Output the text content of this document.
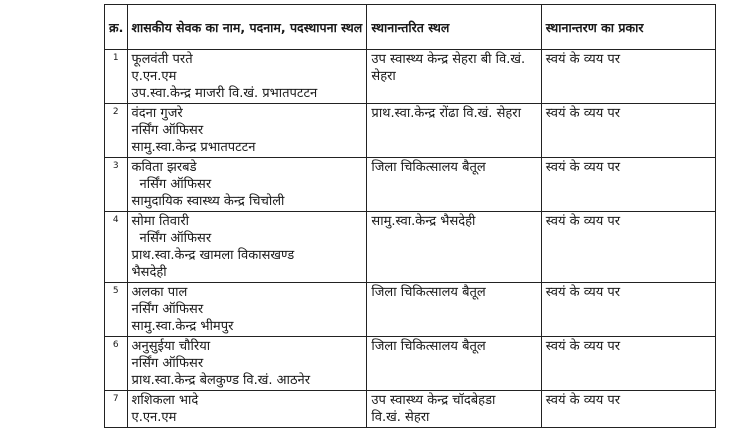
क्र.	शासकीय सेवक का नाम, पदनाम, पदस्थापना स्थल	स्थानान्तरित स्थल	स्थानान्तरण का प्रकार
1	फूलवंती परते
ए.एन.एम
उप.स्वा.केन्द्र माजरी वि.खं. प्रभातपटटन	उप स्वास्थ्य केन्द्र सेहरा बी वि.खं.
सेहरा	स्वयं के व्यय पर
2	वंदना गुजरे
नर्सिंग ऑफिसर
सामु.स्वा.केन्द्र प्रभातपटटन	प्राथ.स्वा.केन्द्र रोंढा वि.खं. सेहरा	स्वयं के व्यय पर
3	कविता झरबडे
नर्सिंग ऑफिसर
सामुदायिक स्वास्थ्य केन्द्र चिचोली	जिला चिकित्सालय बैतूल	स्वयं के व्यय पर
4	सोमा तिवारी
नर्सिंग ऑफिसर
प्राथ.स्वा.केन्द्र खामला विकासखण्ड
भैसदेही	सामु.स्वा.केन्द्र भैसदेही	स्वयं के व्यय पर
5	अलका पाल
नर्सिंग ऑफिसर
सामु.स्वा.केन्द्र भीमपुर	जिला चिकित्सालय बैतूल	स्वयं के व्यय पर
6	अनुसुईया चौरिया
नर्सिंग ऑफिसर
प्राथ.स्वा.केन्द्र बेलकुण्ड वि.खं. आठनेर	जिला चिकित्सालय बैतूल	स्वयं के व्यय पर
7	शशिकला भादे
ए.एन.एम	उप स्वास्थ्य केन्द्र चॉदबेहडा
वि.खं. सेहरा	स्वयं के व्यय पर
